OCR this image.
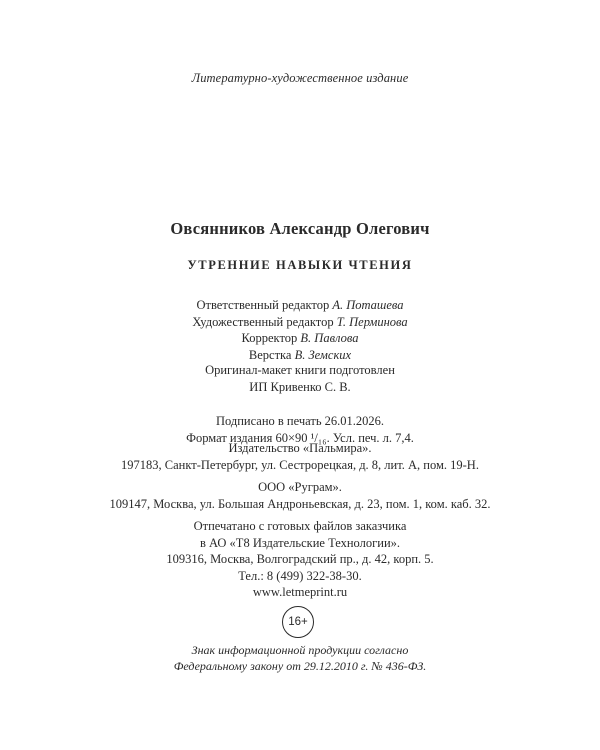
Литературно-художественное издание
Овсянников Александр Олегович
УТРЕННИЕ НАВЫКИ ЧТЕНИЯ
Ответственный редактор А. Поташева
Художественный редактор Т. Перминова
Корректор В. Павлова
Верстка В. Земских
Оригинал-макет книги подготовлен
ИП Кривенко С. В.
Подписано в печать 26.01.2026.
Формат издания 60×90 ¹/₁₆. Усл. печ. л. 7,4.
Издательство «Пальмира».
197183, Санкт-Петербург, ул. Сестрорецкая, д. 8, лит. А, пом. 19-Н.
ООО «Руграм».
109147, Москва, ул. Большая Андроньевская, д. 23, пом. 1, ком. каб. 32.
Отпечатано с готовых файлов заказчика
в АО «Т8 Издательские Технологии».
109316, Москва, Волгоградский пр., д. 42, корп. 5.
Тел.: 8 (499) 322-38-30.
www.letmeprint.ru
16+
Знак информационной продукции согласно
Федеральному закону от 29.12.2010 г. № 436-ФЗ.
